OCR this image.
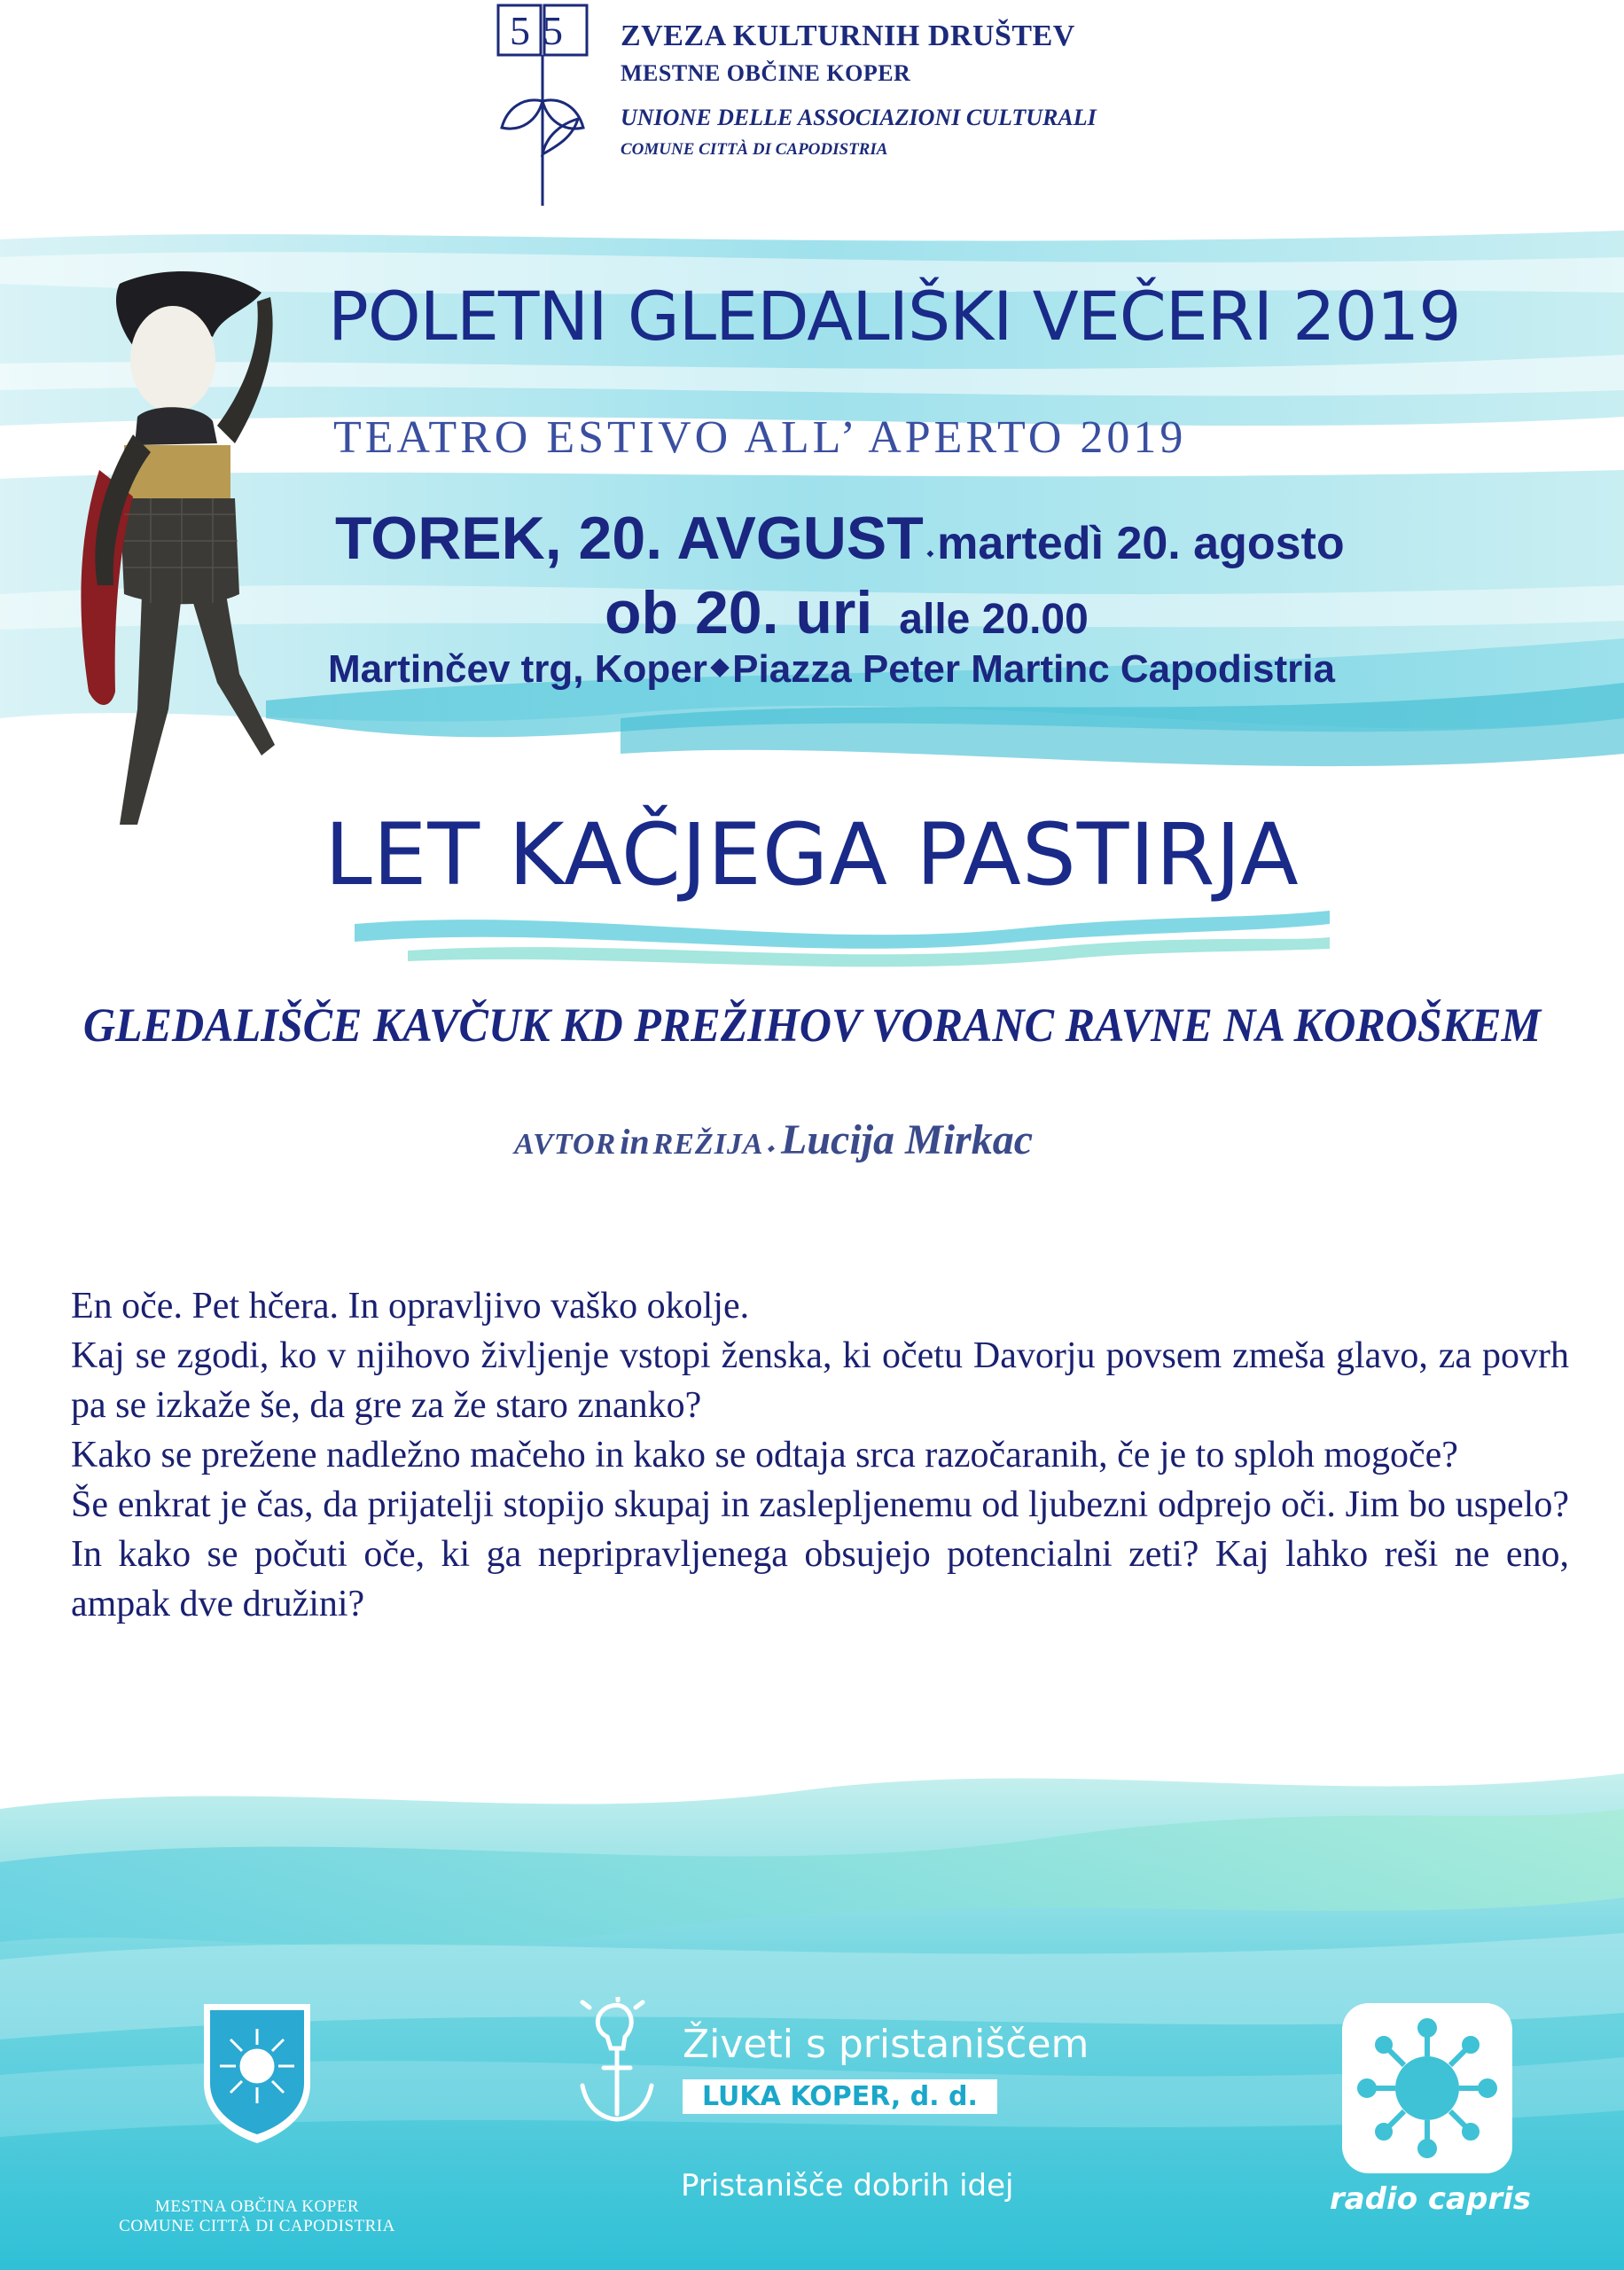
55 ZVEZA KULTURNIH DRUŠTEV
MESTNE OBČINE KOPER
UNIONE DELLE ASSOCIAZIONI CULTURALI
COMUNE CITTÀ DI CAPODISTRIA
POLETNI GLEDALIŠKI VEČERI 2019
TEATRO ESTIVO ALL’ APERTO 2019
TOREK, 20. AVGUST ◆martedì 20. agosto
ob 20. uri alle 20.00
Martinčev trg, Koper ◆Piazza Peter Martinc Capodistria
LET KAČJEGA PASTIRJA
GLEDALIŠČE KAVČUK KD PREŽIHOV VORANC RAVNE NA KOROŠKEM
AVTOR in REŽIJA ◆ Lucija Mirkac

En oče. Pet hčera. In opravljivo vaško okolje.

Kaj se zgodi, ko v njihovo življenje vstopi ženska, ki očetu Davorju povsem zmeša glavo, za povrh pa se izkaže še, da gre za že staro znanko?

Kako se prežene nadležno mačeho in kako se odtaja srca razočaranih, če je to sploh mogoče?

Še enkrat je čas, da prijatelji stopijo skupaj in zaslepljenemu od ljubezni odprejo oči. Jim bo uspelo? In kako se počuti oče, ki ga nepripravljenega obsujejo potencialni zeti? Kaj lahko reši ne eno, ampak dve družini?

MESTNA OBČINA KOPER
COMUNE CITTÀ DI CAPODISTRIA
Živeti s pristaniščem
LUKA KOPER, d. d.
Pristanišče dobrih idej	radio capris
